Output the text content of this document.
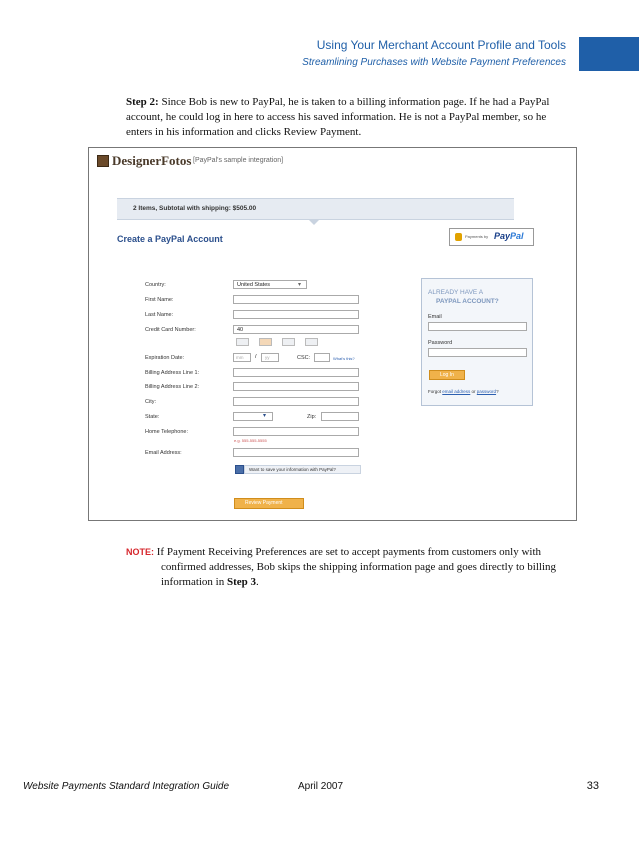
Using Your Merchant Account Profile and Tools
Streamlining Purchases with Website Payment Preferences

Step 2: Since Bob is new to PayPal, he is taken to a billing information page. If he had a PayPal account, he could log in here to access his saved information. He is not a PayPal member, so he enters in his information and clicks Review Payment.

DesignerFotos [PayPal's sample integration]
2 Items, Subtotal with shipping: $505.00
Create a PayPal Account	Payments by PayPal
Country:	United States	▾
First Name:
Last Name:
Credit Card Number:	40
Expiration Date:	mm / yy	CSC:	What's this?
Billing Address Line 1:
Billing Address Line 2:
City:
State:	▾	Zip:
Home Telephone:
e.g. 555-555-5555
Email Address:
Want to save your information with PayPal?
Review Payment
ALREADY HAVE A
PAYPAL ACCOUNT?
Email
Password
Log In
Forgot email address or password?

NOTE: If Payment Receiving Preferences are set to accept payments from customers only with confirmed addresses, Bob skips the shipping information page and goes directly to billing information in Step 3.

Website Payments Standard Integration Guide	April 2007	33
